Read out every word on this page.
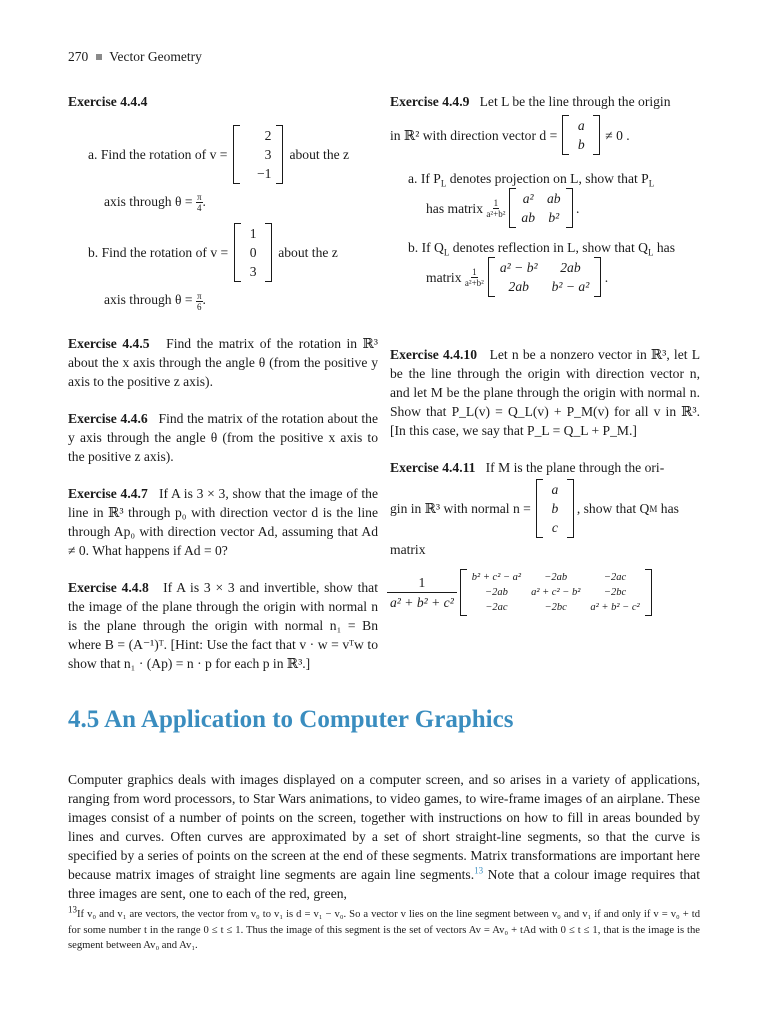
270 Vector Geometry

Exercise 4.4.4

a. Find the rotation of v =
2
3
−1
about the z
axis through $\theta = \frac{\pi}{4}$ .
b. Find the rotation of v =
1
0
3
about the z
axis through $\theta = \frac{\pi}{6}$ .

Exercise 4.4.5 Find the matrix of the rotation in ℝ³ about the x axis through the angle θ (from the positive y axis to the positive z axis).

Exercise 4.4.6 Find the matrix of the rotation about the y axis through the angle θ (from the positive x axis to the positive z axis).

Exercise 4.4.7 If A is 3 × 3, show that the image of the line in ℝ³ through p₀ with direction vector d is the line through Ap₀ with direction vector Ad, assuming that Ad ≠ 0. What happens if Ad = 0?

Exercise 4.4.8 If A is 3 × 3 and invertible, show that the image of the plane through the origin with normal n is the plane through the origin with normal n₁ = Bn where B = (A⁻¹)ᵀ. [Hint: Use the fact that v · w = vᵀw to show that n₁ · (Ap) = n · p for each p in ℝ³.]

Exercise 4.4.9 Let L be the line through the origin

in ℝ² with direction vector d =
a
b
≠ 0 .
a. If $P_L$ denotes projection on L, show that $P_L$
has matrix
$\frac{1}{\text{a²+b²}} a^2$ ab
ab b²
.
b. If $Q_L$ denotes reflection in L, show that $Q_L$ has
matrix
$\frac{1}{\text{a²+b²}} a^2 - b^2$	2ab
2ab	b² − a²
.

Exercise 4.4.10 Let n be a nonzero vector in ℝ³, let L be the line through the origin with direction vector n, and let M be the plane through the origin with normal n. Show that P_L(v) = Q_L(v) + P_M(v) for all v in ℝ³. [In this case, we say that P_L = Q_L + P_M.]

Exercise 4.4.11 If M is the plane through the ori-

gin in ℝ³ with normal n =
a
b
c
, show that Q M
has

matrix

$\frac{1}{\text{a² + b² + c²}} b^2 + c^2 - a^2$	−2ab	−2ac
−2ab	a² + c² − b²	−2bc
−2ac	−2bc	a² + b² − c²
4.5 An Application to Computer Graphics
Computer graphics deals with images displayed on a computer screen, and so arises in a variety of applications, ranging from word processors, to Star Wars animations, to video games, to wire-frame images of an airplane. These images consist of a number of points on the screen, together with instructions on how to fill in areas bounded by lines and curves. Often curves are approximated by a set of short straight-line segments, so that the curve is specified by a series of points on the screen at the end of these segments. Matrix transformations are important here because matrix images of straight line segments are again line segments.$^{13}$ Note that a colour image requires that three images are sent, one to each of the red, green,
$^{13}$If v₀ and v₁ are vectors, the vector from v₀ to v₁ is d = v₁ − v₀. So a vector v lies on the line segment between v₀ and v₁ if and only if v = v₀ + td for some number t in the range 0 ≤ t ≤ 1. Thus the image of this segment is the set of vectors Av = Av₀ + tAd with 0 ≤ t ≤ 1, that is the image is the segment between Av₀ and Av₁.
